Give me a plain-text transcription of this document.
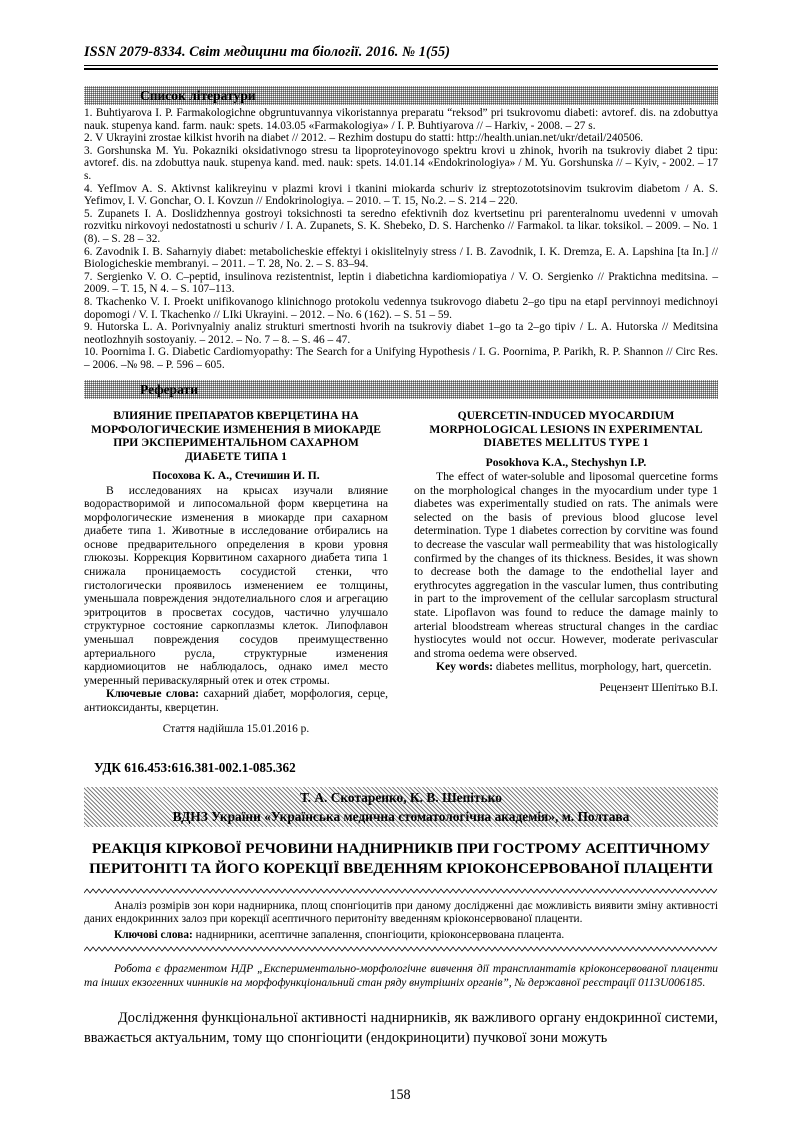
ISSN 2079-8334. Світ медицини та біології. 2016. № 1(55)
Список літератури

1. Buhtiyarova I. P. Farmakologichne obgruntuvannya vikoristannya preparatu “reksod” pri tsukrovomu diabeti: avtoref. dis. na zdobuttya nauk. stupenya kand. farm. nauk: spets. 14.03.05 «Farmakologiya» / I. P. Buhtiyarova // – Harkiv, - 2008. – 27 s.

2. V Ukrayini zrostae kilkist hvorih na diabet // 2012. – Rezhim dostupu do statti: http://health.unian.net/ukr/detail/240506.

3. Gorshunska M. Yu. Pokazniki oksidativnogo stresu ta lipoproteyinovogo spektru krovi u zhinok, hvorih na tsukroviy diabet 2 tipu: avtoref. dis. na zdobuttya nauk. stupenya kand. med. nauk: spets. 14.01.14 «Endokrinologiya» / M. Yu. Gorshunska // – Kyiv, - 2002. – 17 s.

4. YefImov A. S. Aktivnst kalikreyinu v plazmi krovi i tkanini miokarda schuriv iz streptozototsinovim tsukrovim diabetom / A. S. Yefimov, I. V. Gonchar, O. I. Kovzun // Endokrinologiya. – 2010. – T. 15, No.2. – S. 214 – 220.

5. Zupanets I. A. Doslidzhennya gostroyi toksichnosti ta seredno efektivnih doz kvertsetinu pri parenteralnomu uvedenni v umovah rozvitku nirkovoyi nedostatnosti u schuriv / I. A. Zupanets, S. K. Shebeko, D. S. Harchenko // Farmakol. ta likar. toksikol. – 2009. – No. 1 (8). – S. 28 – 32.

6. Zavodnik I. B. Saharnyiy diabet: metabolicheskie effektyi i okislitelnyiy stress / I. B. Zavodnik, I. K. Dremza, E. A. Lapshina [ta In.] // Biologicheskie membranyi. – 2011. – T. 28, No. 2. – S. 83–94.

7. Sergienko V. O. C–peptid, insulinova rezistentnist, leptin i diabetichna kardiomiopatiya / V. O. Sergienko // Praktichna meditsina. – 2009. – T. 15, N 4. – S. 107–113.

8. Tkachenko V. I. Proekt unifikovanogo klinichnogo protokolu vedennya tsukrovogo diabetu 2–go tipu na etapI pervinnoyi medichnoyi dopomogi / V. I. Tkachenko // LIki Ukrayini. – 2012. – No. 6 (162). – S. 51 – 59.

9. Hutorska L. A. Porivnyalniy analiz strukturi smertnosti hvorih na tsukroviy diabet 1–go ta 2–go tipiv / L. A. Hutorska // Meditsina neotlozhnyih sostoyaniy. – 2012. – No. 7 – 8. – S. 46 – 47.

10. Poornima I. G. Diabetic Cardiomyopathy: The Search for a Unifying Hypothesis / I. G. Poornima, P. Parikh, R. P. Shannon // Circ Res. – 2006. –№ 98. – P. 596 – 605.

Реферати
ВЛИЯНИЕ ПРЕПАРАТОВ КВЕРЦЕТИНА НА МОРФОЛОГИЧЕСКИЕ ИЗМЕНЕНИЯ В МИОКАРДЕ ПРИ ЭКСПЕРИМЕНТАЛЬНОМ САХАРНОМ ДИАБЕТЕ ТИПА 1
Посохова К. А., Стечишин И. П.
В исследованиях на крысах изучали влияние водорастворимой и липосомальной форм кверцетина на морфологические изменения в миокарде при сахарном диабете типа 1. Животные в исследование отбирались на основе предварительного определения в крови уровня глюкозы. Коррекция Корвитином сахарного диабета типа 1 снижала проницаемость сосудистой стенки, что гистологически проявилось изменением ее толщины, уменьшала повреждения эндотелиального слоя и агрегацию эритроцитов в просветах сосудов, частично улучшало структурное состояние саркоплазмы клеток. Липофлавон уменьшал повреждения сосудов преимущественно артериального русла, структурные изменения кардиомиоцитов не наблюдалось, однако имел место умеренный периваскулярный отек и отек стромы.
Ключевые слова: сахарний діабет, морфология, серце, антиоксиданты, кверцетин.
Стаття надійшла 15.01.2016 р.
QUERCETIN-INDUCED MYOCARDIUM MORPHOLOGICAL LESIONS IN EXPERIMENTAL DIABETES MELLITUS TYPE 1
Posokhova K.A., Stechyshyn I.P.
The effect of water-soluble and liposomal quercetine forms on the morphological changes in the myocardium under type 1 diabetes was experimentally studied on rats. The animals were selected on the basis of previous blood glucose level determination. Type 1 diabetes correction by corvitine was found to decrease the vascular wall permeability that was histologically confirmed by the changes of its thickness. Besides, it was shown to decrease both the damage to the endothelial layer and erythrocytes aggregation in the vascular lumen, thus contributing in part to the improvement of the cellular sarcoplasm structural state. Lipoflavon was found to reduce the damage mainly to arterial bloodstream whereas structural changes in the cardiac hystiocytes would not occur. However, moderate perivascular and stroma oedema were observed.
Key words: diabetes mellitus, morphology, hart, quercetin.
Рецензент Шепітько В.І.
УДК 616.453:616.381-002.1-085.362
Т. А. Скотаренко, К. В. Шепітько
ВДНЗ України «Українська медична стоматологічна академія», м. Полтава
РЕАКЦІЯ КІРКОВОЇ РЕЧОВИНИ НАДНИРНИКІВ ПРИ ГОСТРОМУ АСЕПТИЧНОМУ ПЕРИТОНІТІ ТА ЙОГО КОРЕКЦІЇ ВВЕДЕННЯМ КРІОКОНСЕРВОВАНОЇ ПЛАЦЕНТИ
Аналіз розмірів зон кори наднирника, площ спонгіоцитів при даному дослідженні дає можливість виявити зміну активності даних ендокринних залоз при корекції асептичного перитоніту введенням кріоконсервованої плаценти.
Ключові слова: наднирники, асептичне запалення, спонгіоцити, кріоконсервована плацента.
Робота є фрагментом НДР „Експериментально-морфологічне вивчення дії трансплантатів кріоконсервованої плаценти та інших екзогенних чинників на морфофункціональний стан ряду внутрішніх органів”, № державної реєстрації 0113U006185.
Дослідження функціональної активності наднирників, як важливого органу ендокринної системи, вважається актуальним, тому що спонгіоцити (ендокриноцити) пучкової зони можуть
158
